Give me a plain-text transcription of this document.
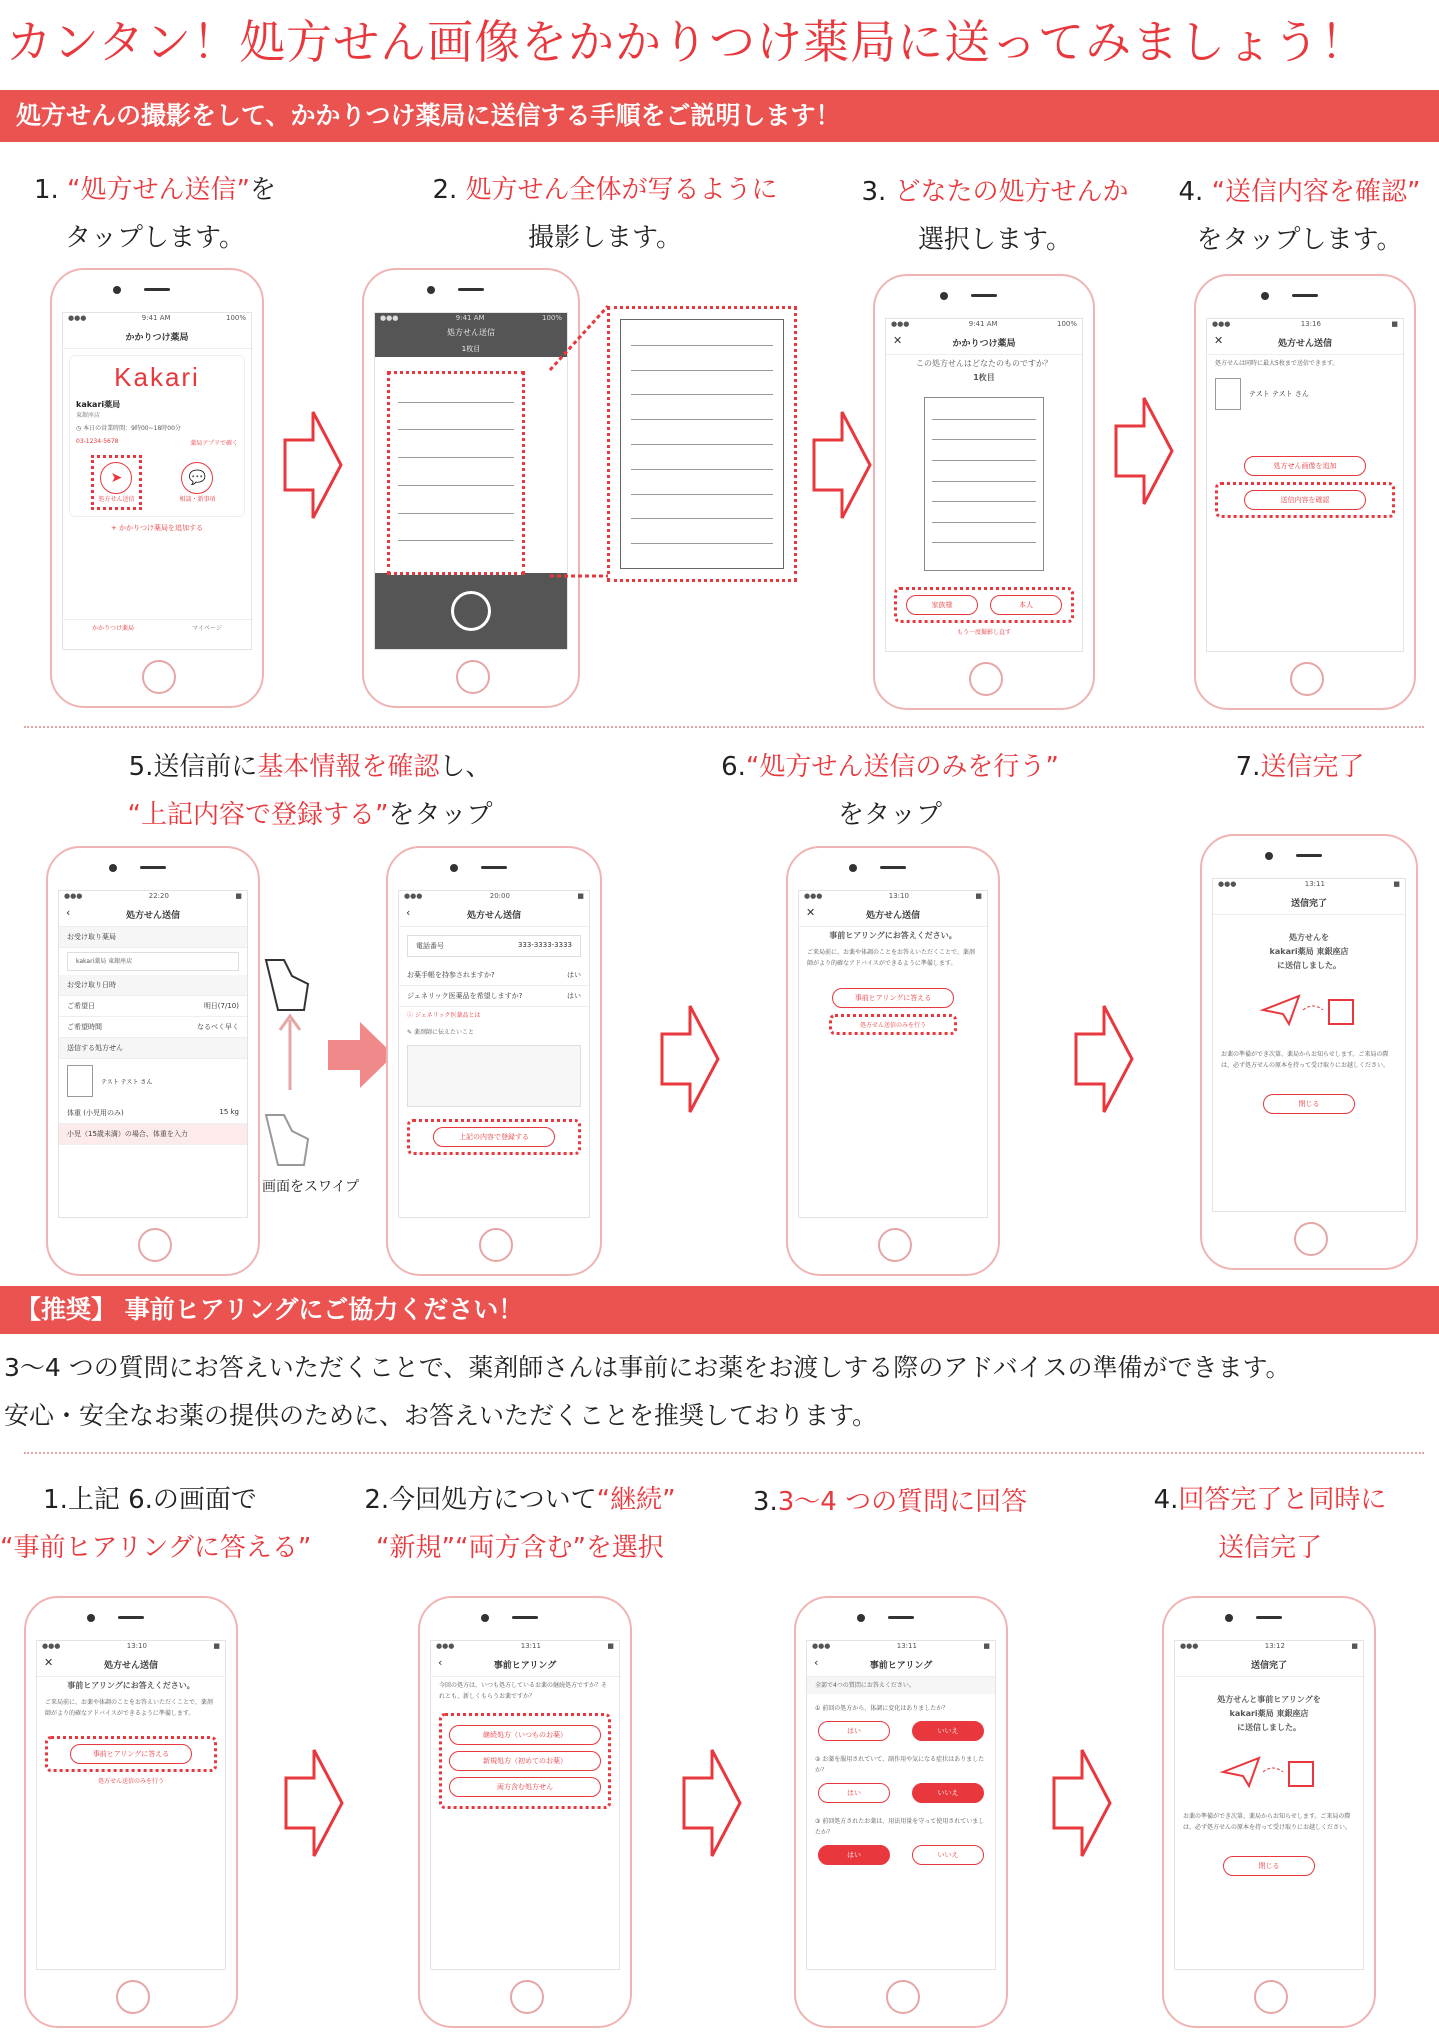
カンタン！処方せん画像をかかりつけ薬局に送ってみましょう！
処方せんの撮影をして、かかりつけ薬局に送信する手順をご説明します！
1. “処方せん送信”を
タップします。
2. 処方せん全体が写るように
撮影します。
3. どなたの処方せんか
選択します。
4. “送信内容を確認”
をタップします。
●●●	9:41 AM	100%
かかりつけ薬局
Kakari
kakari薬局
東銀座店
◷ 本日の営業時間：9時00~18時00分
03-1234-5678	薬局アプリで確く
➤
処方せん送信
💬
相談・新事項
+ かかりつけ薬局を追加する
かかりつけ薬局	マイページ
●●●	9:41 AM	100%
処方せん送信
1枚目
●●●	9:41 AM	100%
✕	かかりつけ薬局
この処方せんはどなたのものですか？
1枚目
家族様	本人
もう一度撮影し直す
●●●	13:16	■
✕	処方せん送信
処方せんは同時に最大5枚まで送信できます。
テスト テスト さん
処方せん画像を追加
送信内容を確認
5.送信前に基本情報を確認し、
“上記内容で登録する”をタップ
6.“処方せん送信のみを行う”
をタップ
7.送信完了
●●●	22:20	■
‹	処方せん送信
お受け取り薬局
kakari薬局 東銀座店
お受け取り日時
ご希望日	明日(7/10)
ご希望時間	なるべく早く
送信する処方せん
テスト テスト さん
体重 (小児用のみ)	15 kg
小児（15歳未満）の場合、体重を入力
画面をスワイプ
●●●	20:00	■
‹	処方せん送信
電話番号	333-3333-3333
お薬手帳を持参されますか?	はい
ジェネリック医薬品を希望しますか?	はい
ⓘ ジェネリック医薬品とは
✎ 薬剤師に伝えたいこと
上記の内容で登録する
●●●	13:10	■
✕	処方せん送信
事前ヒアリングにお答えください。
ご来局前に、お薬や体調のことをお答えいただくことで、薬剤師がより的確なアドバイスができるように準備します。
事前ヒアリングに答える
処方せん送信のみを行う
●●●	13:11	■
送信完了
処方せんを
kakari薬局 東銀座店
に送信しました。
お薬の準備ができ次第、薬局からお知らせします。ご来局の際は、必ず処方せんの原本を持って受け取りにお越しください。
閉じる
【推奨】 事前ヒアリングにご協力ください！
3～4 つの質問にお答えいただくことで、薬剤師さんは事前にお薬をお渡しする際のアドバイスの準備ができます。
安心・安全なお薬の提供のために、お答えいただくことを推奨しております。
1.上記 6.の画面で
“事前ヒアリングに答える”
2.今回処方について“継続”
“新規”“両方含む”を選択
3.3～4 つの質問に回答	4.回答完了と同時に
送信完了
●●●	13:10	■
✕	処方せん送信
事前ヒアリングにお答えください。
ご来局前に、お薬や体調のことをお答えいただくことで、薬剤師がより的確なアドバイスができるように準備します。
事前ヒアリングに答える
処方せん送信のみを行う
●●●	13:11	■
‹	事前ヒアリング
今回の処方は、いつも処方しているお薬の継続処方ですか？それとも、新しくもらうお薬ですか？
継続処方（いつものお薬）
新規処方（初めてのお薬）
両方含む処方せん
●●●	13:11	■
‹	事前ヒアリング
全部で4つの質問にお答えください。
① 前回の処方から、体調に変化はありましたか？
はい	いいえ
② お薬を服用されていて、副作用や気になる症状はありましたか？
はい	いいえ
③ 前回処方されたお薬は、用法用量を守って使用されていましたか？
はい	いいえ
●●●	13:12	■
送信完了
処方せんと事前ヒアリングを
kakari薬局 東銀座店
に送信しました。
お薬の準備ができ次第、薬局からお知らせします。ご来局の際は、必ず処方せんの原本を持って受け取りにお越しください。
閉じる
